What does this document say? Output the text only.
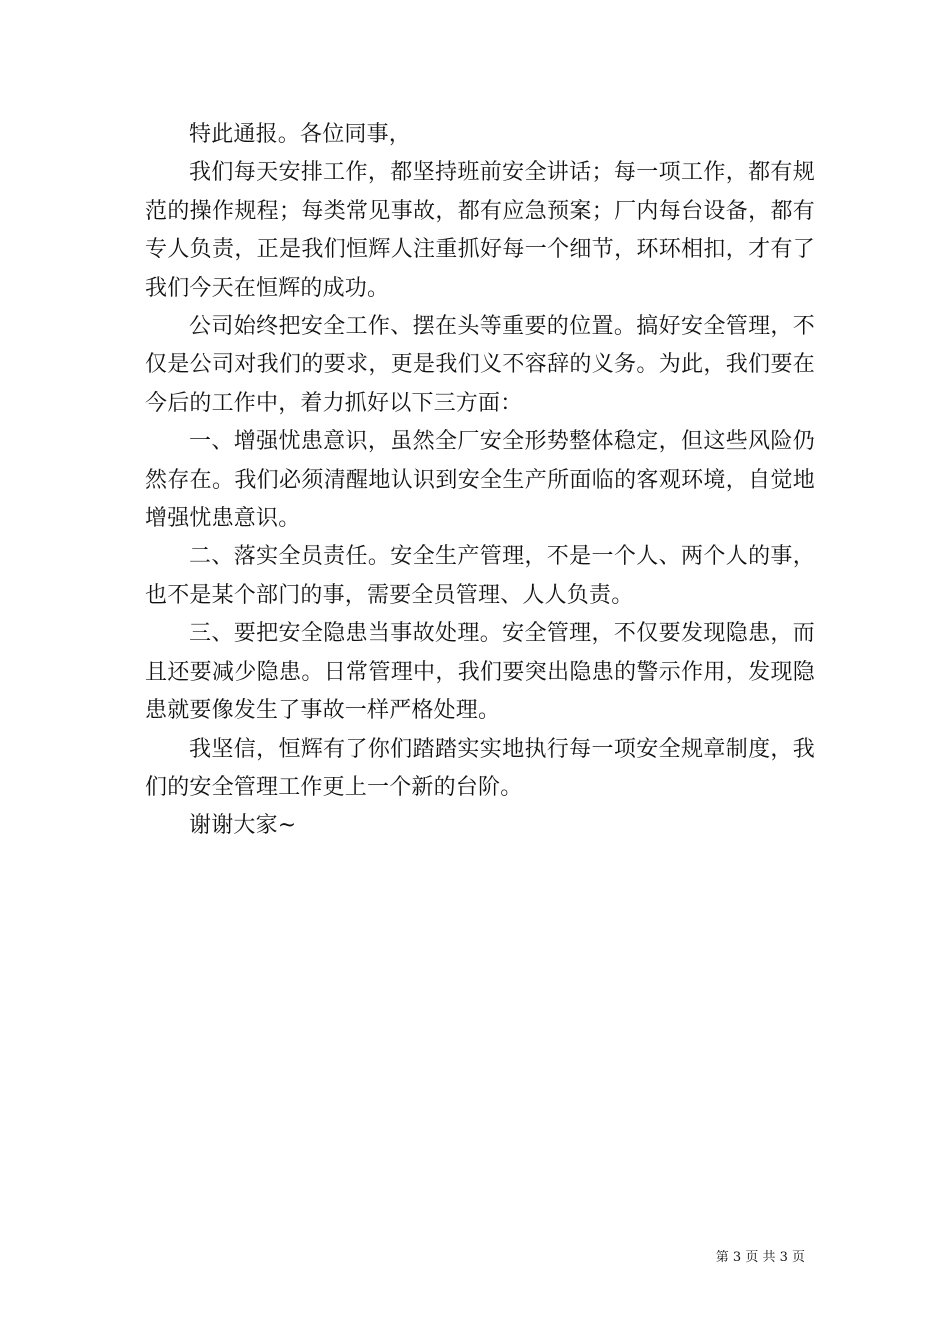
特此通报。各位同事，

我们每天安排工作，都坚持班前安全讲话；每一项工作，都有规范的操作规程；每类常见事故，都有应急预案；厂内每台设备，都有专人负责，正是我们恒辉人注重抓好每一个细节，环环相扣，才有了我们今天在恒辉的成功。

公司始终把安全工作、摆在头等重要的位置。搞好安全管理，不仅是公司对我们的要求，更是我们义不容辞的义务。为此，我们要在今后的工作中，着力抓好以下三方面：

一、增强忧患意识，虽然全厂安全形势整体稳定，但这些风险仍然存在。我们必须清醒地认识到安全生产所面临的客观环境，自觉地增强忧患意识。

二、落实全员责任。安全生产管理，不是一个人、两个人的事，也不是某个部门的事，需要全员管理、人人负责。

三、要把安全隐患当事故处理。安全管理，不仅要发现隐患，而且还要减少隐患。日常管理中，我们要突出隐患的警示作用，发现隐患就要像发生了事故一样严格处理。

我坚信，恒辉有了你们踏踏实实地执行每一项安全规章制度，我们的安全管理工作更上一个新的台阶。

谢谢大家~

第 3 页 共 3 页
